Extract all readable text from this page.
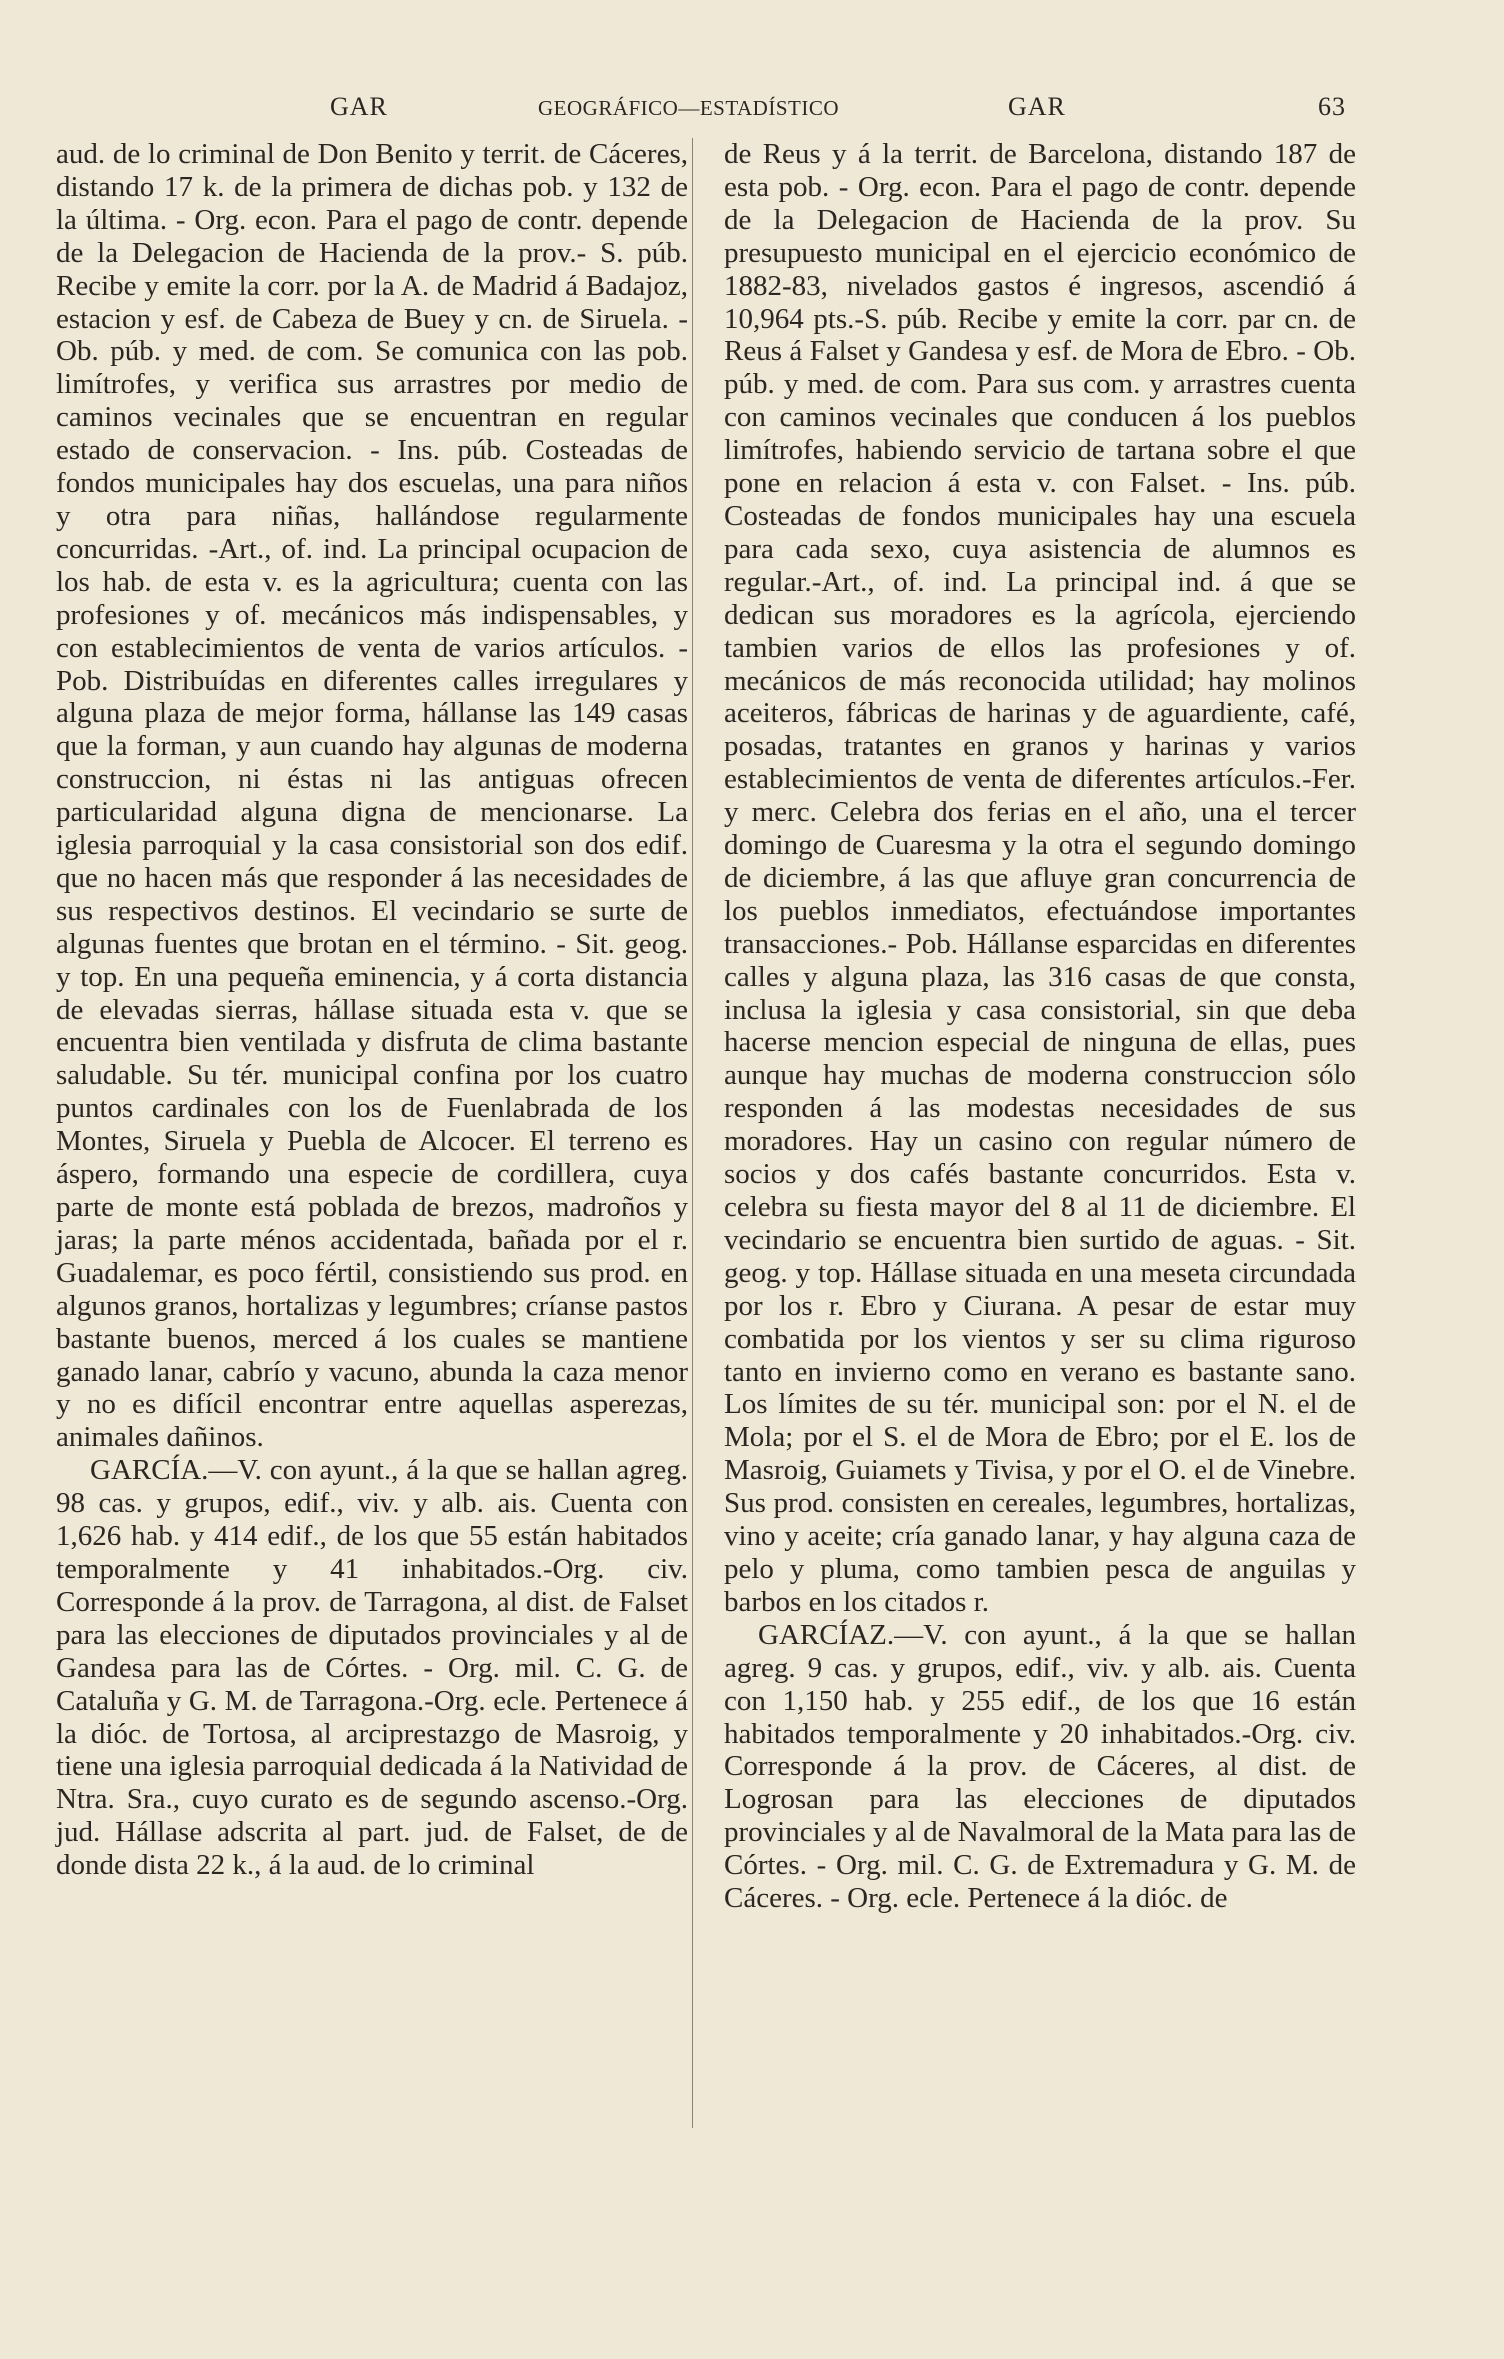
GAR	GEOGRÁFICO—ESTADÍSTICO	GAR	63

aud. de lo criminal de Don Benito y territ. de Cáceres, distando 17 k. de la primera de dichas pob. y 132 de la última. - Org. econ. Para el pago de contr. depende de la Delegacion de Hacienda de la prov.- S. púb. Recibe y emite la corr. por la A. de Madrid á Badajoz, estacion y esf. de Cabeza de Buey y cn. de Siruela. - Ob. púb. y med. de com. Se comunica con las pob. limítrofes, y verifica sus arrastres por medio de caminos vecinales que se encuentran en regular estado de conservacion. - Ins. púb. Costeadas de fondos municipales hay dos escuelas, una para niños y otra para niñas, hallándose regularmente concurridas. -Art., of. ind. La principal ocupacion de los hab. de esta v. es la agricultura; cuenta con las profesiones y of. mecánicos más indispensables, y con establecimientos de venta de varios artículos. - Pob. Distribuídas en diferentes calles irregulares y alguna plaza de mejor forma, hállanse las 149 casas que la forman, y aun cuando hay algunas de moderna construccion, ni éstas ni las antiguas ofrecen particularidad alguna digna de mencionarse. La iglesia parroquial y la casa consistorial son dos edif. que no hacen más que responder á las necesidades de sus respectivos destinos. El vecindario se surte de algunas fuentes que brotan en el término. - Sit. geog. y top. En una pequeña eminencia, y á corta distancia de elevadas sierras, hállase situada esta v. que se encuentra bien ventilada y disfruta de clima bastante saludable. Su tér. municipal confina por los cuatro puntos cardinales con los de Fuenlabrada de los Montes, Siruela y Puebla de Alcocer. El terreno es áspero, formando una especie de cordillera, cuya parte de monte está poblada de brezos, madroños y jaras; la parte ménos accidentada, bañada por el r. Guadalemar, es poco fértil, consistiendo sus prod. en algunos granos, hortalizas y legumbres; críanse pastos bastante buenos, merced á los cuales se mantiene ganado lanar, cabrío y vacuno, abunda la caza menor y no es difícil encontrar entre aquellas asperezas, animales dañinos.

GARCÍA.—V. con ayunt., á la que se hallan agreg. 98 cas. y grupos, edif., viv. y alb. ais. Cuenta con 1,626 hab. y 414 edif., de los que 55 están habitados temporalmente y 41 inhabitados.-Org. civ. Corresponde á la prov. de Tarragona, al dist. de Falset para las elecciones de diputados provinciales y al de Gandesa para las de Córtes. - Org. mil. C. G. de Cataluña y G. M. de Tarragona.-Org. ecle. Pertenece á la dióc. de Tortosa, al arciprestazgo de Masroig, y tiene una iglesia parroquial dedicada á la Natividad de Ntra. Sra., cuyo curato es de segundo ascenso.-Org. jud. Hállase adscrita al part. jud. de Falset, de de donde dista 22 k., á la aud. de lo criminal

de Reus y á la territ. de Barcelona, distando 187 de esta pob. - Org. econ. Para el pago de contr. depende de la Delegacion de Hacienda de la prov. Su presupuesto municipal en el ejercicio económico de 1882-83, nivelados gastos é ingresos, ascendió á 10,964 pts.-S. púb. Recibe y emite la corr. par cn. de Reus á Falset y Gandesa y esf. de Mora de Ebro. - Ob. púb. y med. de com. Para sus com. y arrastres cuenta con caminos vecinales que conducen á los pueblos limítrofes, habiendo servicio de tartana sobre el que pone en relacion á esta v. con Falset. - Ins. púb. Costeadas de fondos municipales hay una escuela para cada sexo, cuya asistencia de alumnos es regular.-Art., of. ind. La principal ind. á que se dedican sus moradores es la agrícola, ejerciendo tambien varios de ellos las profesiones y of. mecánicos de más reconocida utilidad; hay molinos aceiteros, fábricas de harinas y de aguardiente, café, posadas, tratantes en granos y harinas y varios establecimientos de venta de diferentes artículos.-Fer. y merc. Celebra dos ferias en el año, una el tercer domingo de Cuaresma y la otra el segundo domingo de diciembre, á las que afluye gran concurrencia de los pueblos inmediatos, efectuándose importantes transacciones.- Pob. Hállanse esparcidas en diferentes calles y alguna plaza, las 316 casas de que consta, inclusa la iglesia y casa consistorial, sin que deba hacerse mencion especial de ninguna de ellas, pues aunque hay muchas de moderna construccion sólo responden á las modestas necesidades de sus moradores. Hay un casino con regular número de socios y dos cafés bastante concurridos. Esta v. celebra su fiesta mayor del 8 al 11 de diciembre. El vecindario se encuentra bien surtido de aguas. - Sit. geog. y top. Hállase situada en una meseta circundada por los r. Ebro y Ciurana. A pesar de estar muy combatida por los vientos y ser su clima riguroso tanto en invierno como en verano es bastante sano. Los límites de su tér. municipal son: por el N. el de Mola; por el S. el de Mora de Ebro; por el E. los de Masroig, Guiamets y Tivisa, y por el O. el de Vinebre. Sus prod. consisten en cereales, legumbres, hortalizas, vino y aceite; cría ganado lanar, y hay alguna caza de pelo y pluma, como tambien pesca de anguilas y barbos en los citados r.

GARCÍAZ.—V. con ayunt., á la que se hallan agreg. 9 cas. y grupos, edif., viv. y alb. ais. Cuenta con 1,150 hab. y 255 edif., de los que 16 están habitados temporalmente y 20 inhabitados.-Org. civ. Corresponde á la prov. de Cáceres, al dist. de Logrosan para las elecciones de diputados provinciales y al de Navalmoral de la Mata para las de Córtes. - Org. mil. C. G. de Extremadura y G. M. de Cáceres. - Org. ecle. Pertenece á la dióc. de
